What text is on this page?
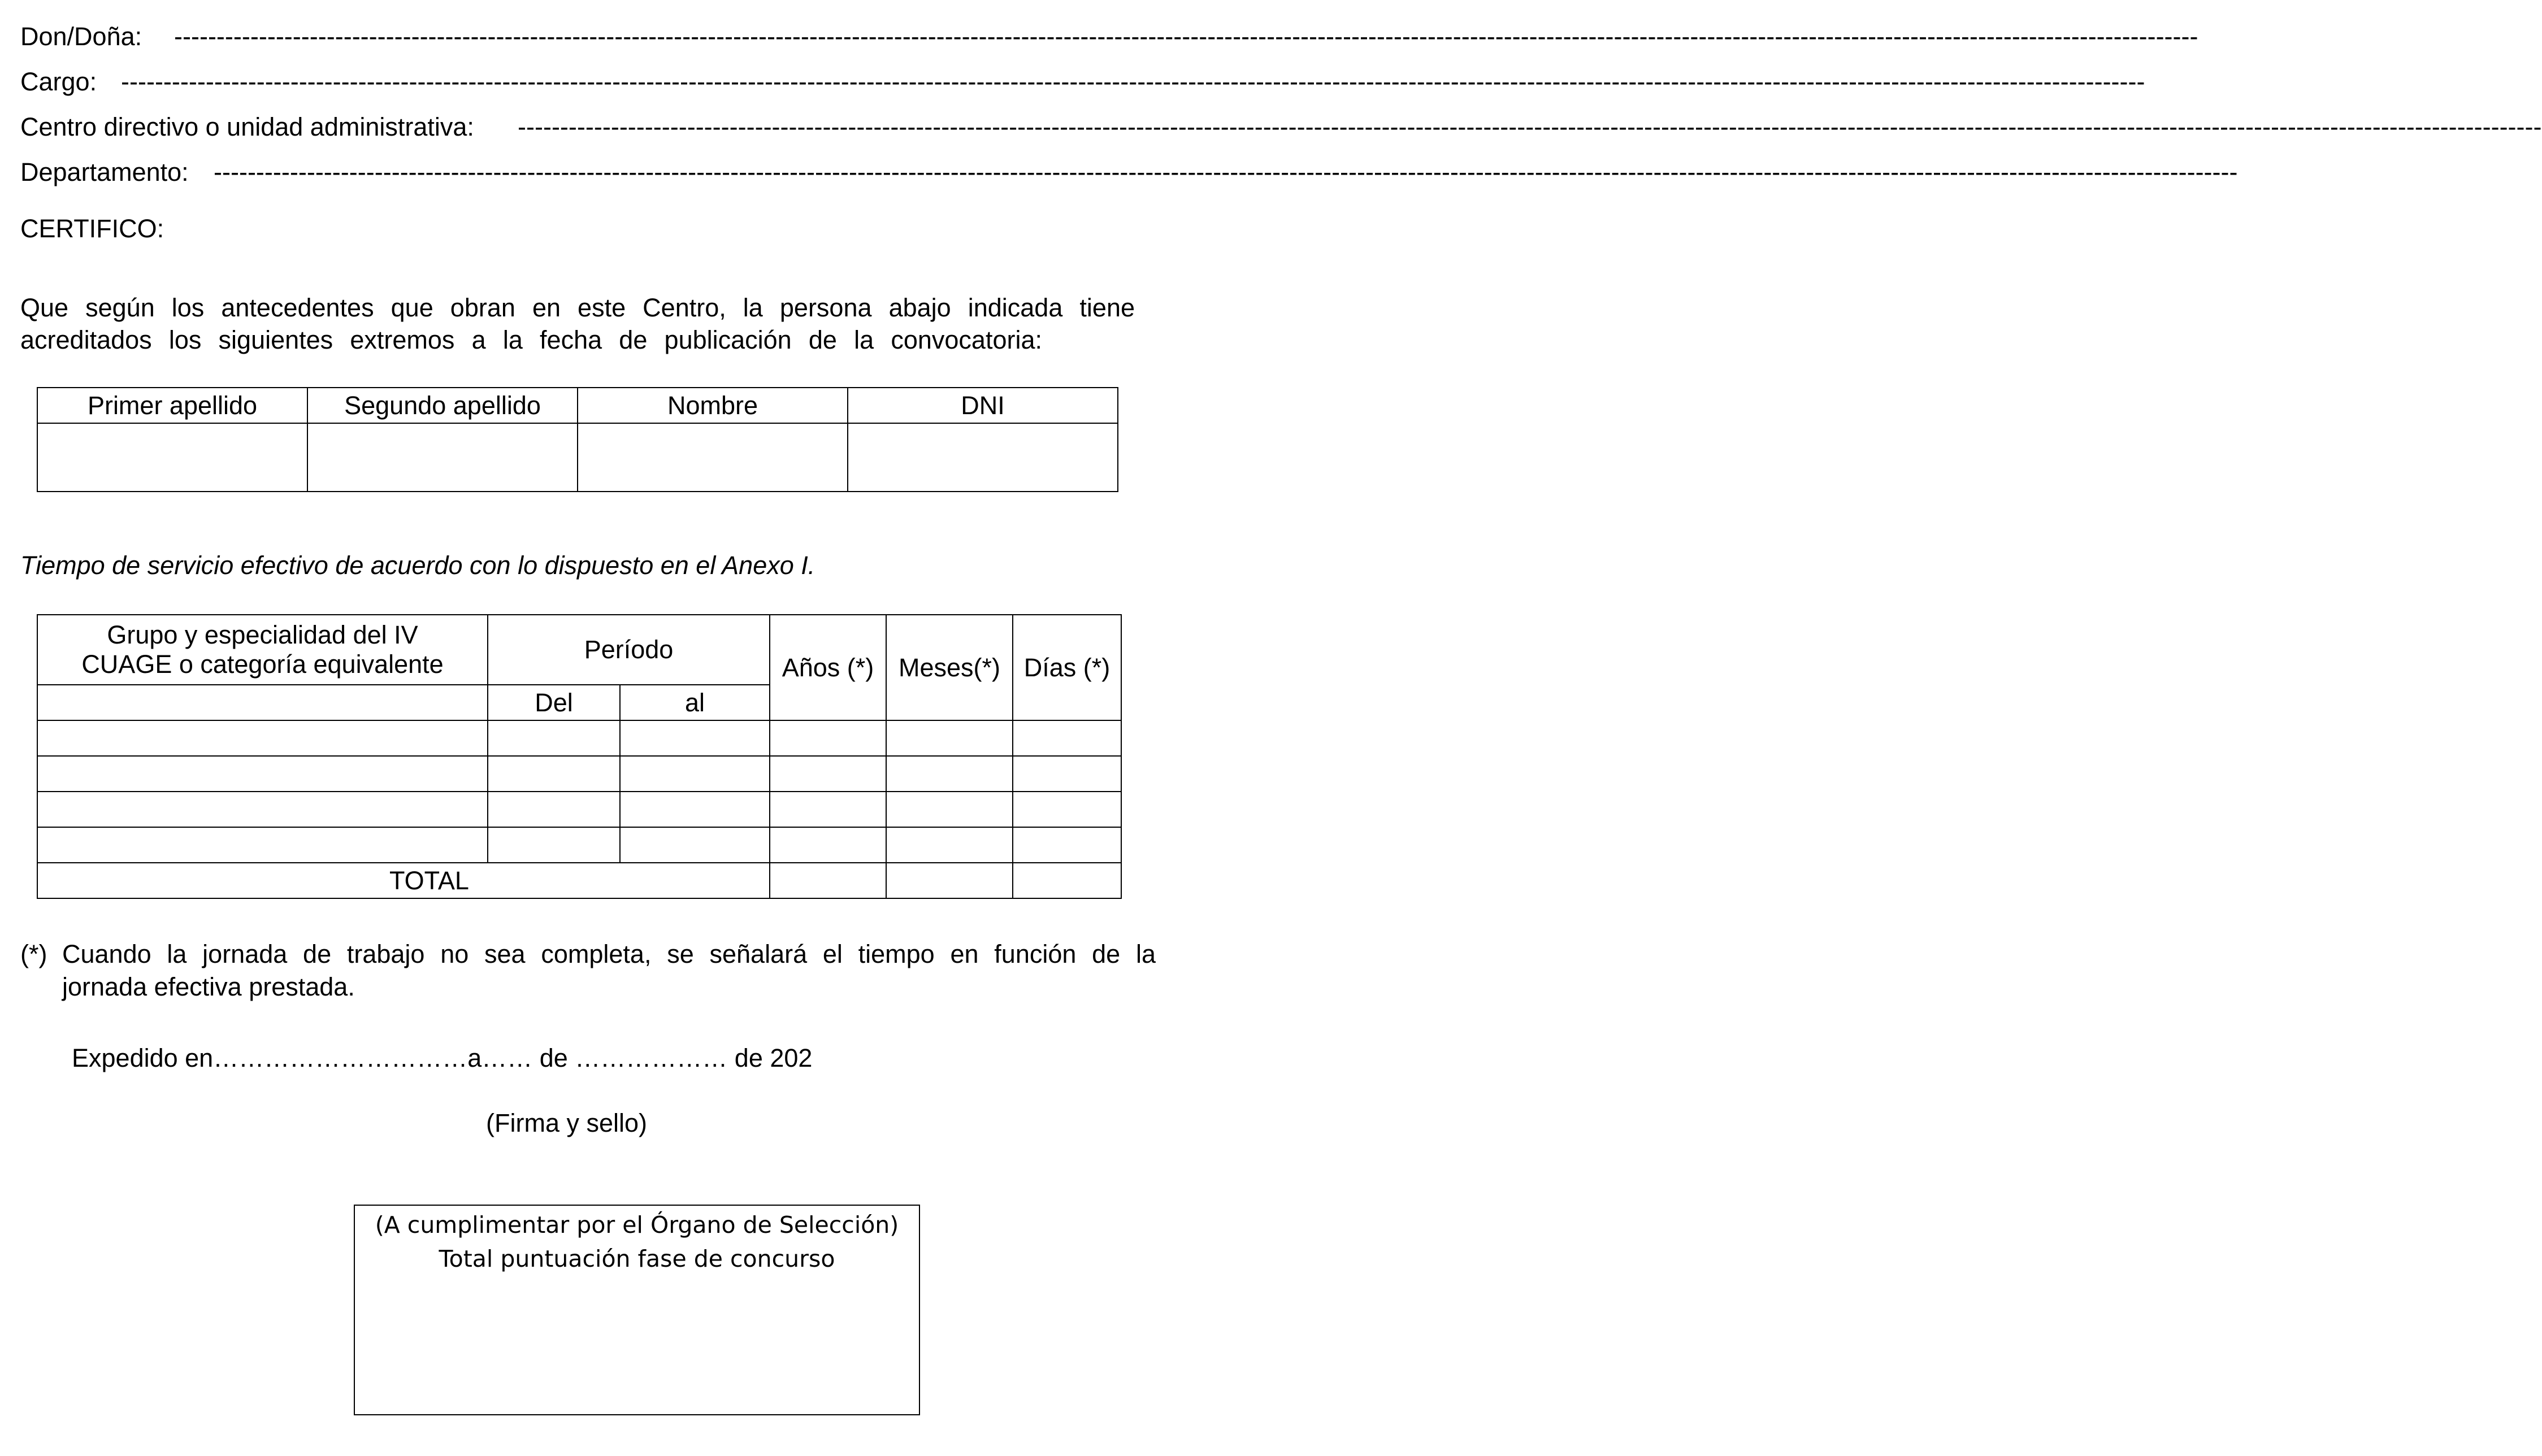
Don/Doña: -----------------------------------------------------------------------------------------------------------------------------------------------------------------------------------------------------------------------------------------------
Cargo: -----------------------------------------------------------------------------------------------------------------------------------------------------------------------------------------------------------------------------------------------
Centro directivo o unidad administrativa: -----------------------------------------------------------------------------------------------------------------------------------------------------------------------------------------------------------------------------------------------
Departamento: -----------------------------------------------------------------------------------------------------------------------------------------------------------------------------------------------------------------------------------------------
CERTIFICO:
Que según los antecedentes que obran en este Centro, la persona abajo indicada tiene
acreditados los siguientes extremos a la fecha de publicación de la convocatoria:
Primer apellido	Segundo apellido	Nombre	DNI

Tiempo de servicio efectivo de acuerdo con lo dispuesto en el Anexo I.
Grupo y especialidad del IV
CUAGE o categoría equivalente	Período		Años (*)	Meses(*)	Días (*)
	Del	al			

TOTAL					
(*) Cuando la jornada de trabajo no sea completa, se señalará el tiempo en función de la
jornada efectiva prestada.
Expedido en…………………………a…… de ……………… de 202
(Firma y sello)
(A cumplimentar por el Órgano de Selección)
Total puntuación fase de concurso
